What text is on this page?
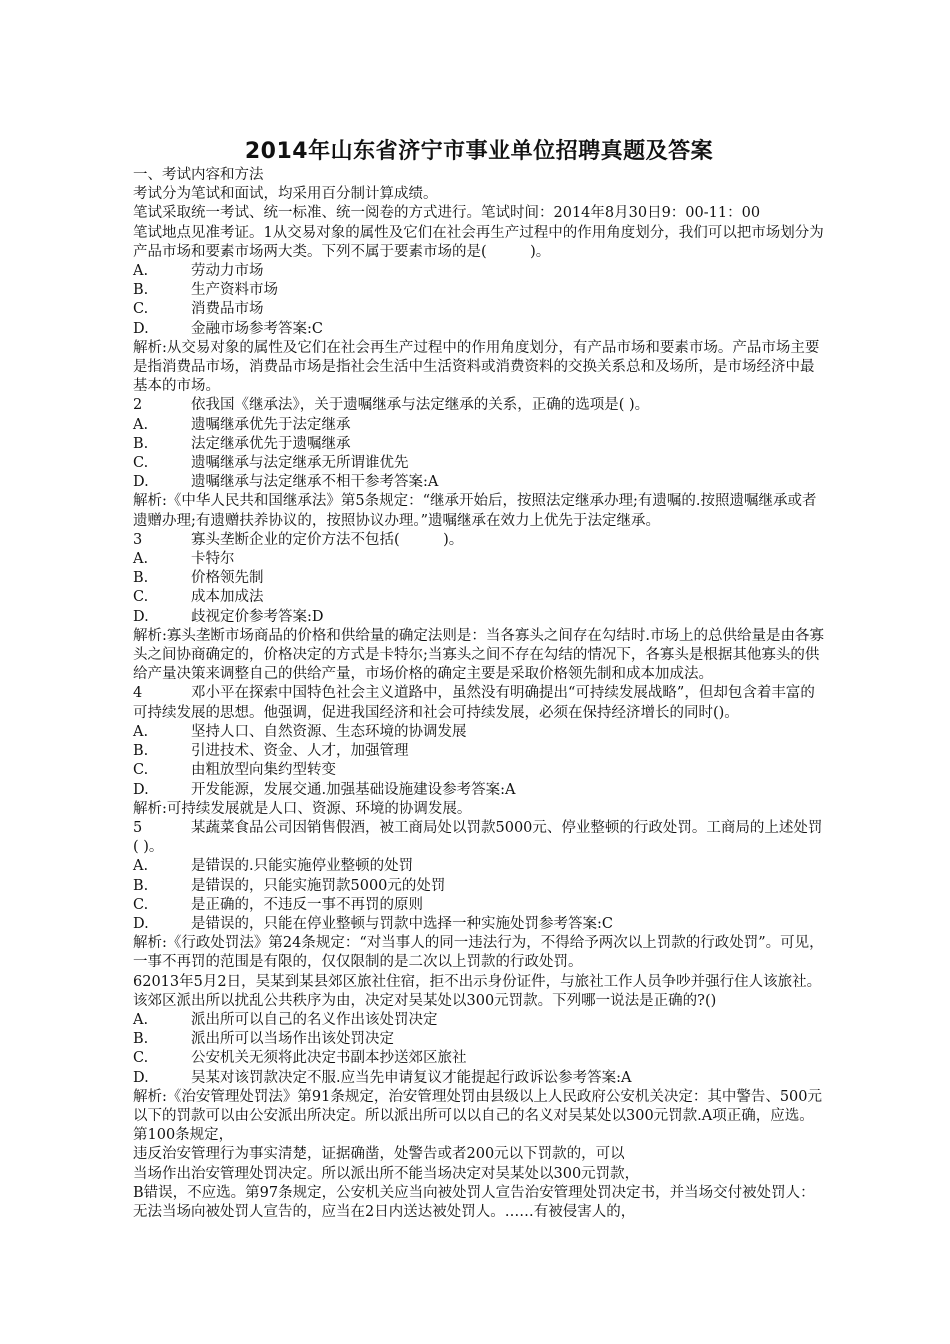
2014年山东省济宁市事业单位招聘真题及答案

一、考试内容和方法

考试分为笔试和面试，均采用百分制计算成绩。

笔试采取统一考试、统一标准、统一阅卷的方式进行。笔试时间：2014年8月30日9：00-11：00

笔试地点见准考证。1从交易对象的属性及它们在社会再生产过程中的作用角度划分，我们可以把市场划分为产品市场和要素市场两大类。下列不属于要素市场的是(　　　)。

A.	劳动力市场
B.	生产资料市场
C.	消费品市场
D.	金融市场参考答案:C

解析:从交易对象的属性及它们在社会再生产过程中的作用角度划分，有产品市场和要素市场。产品市场主要是指消费品市场，消费品市场是指社会生活中生活资料或消费资料的交换关系总和及场所，是市场经济中最基本的市场。

2	依我国《继承法》，关于遗嘱继承与法定继承的关系，正确的选项是( )。
A.	遗嘱继承优先于法定继承
B.	法定继承优先于遗嘱继承
C.	遗嘱继承与法定继承无所谓谁优先
D.	遗嘱继承与法定继承不相干参考答案:A

解析:《中华人民共和国继承法》第5条规定：“继承开始后，按照法定继承办理;有遗嘱的.按照遗嘱继承或者遗赠办理;有遗赠扶养协议的，按照协议办理。”遗嘱继承在效力上优先于法定继承。

3	寡头垄断企业的定价方法不包括(　　　)。
A.	卡特尔
B.	价格领先制
C.	成本加成法
D.	歧视定价参考答案:D

解析:寡头垄断市场商品的价格和供给量的确定法则是：当各寡头之间存在勾结时.市场上的总供给量是由各寡头之间协商确定的，价格决定的方式是卡特尔;当寡头之间不存在勾结的情况下，各寡头是根据其他寡头的供给产量决策来调整自己的供给产量，市场价格的确定主要是采取价格领先制和成本加成法。

4	邓小平在探索中国特色社会主义道路中，虽然没有明确提出“可持续发展战略”，但却包含着丰富的可持续发展的思想。他强调，促进我国经济和社会可持续发展，必须在保持经济增长的同时()。

A.	坚持人口、自然资源、生态环境的协调发展
B.	引进技术、资金、人才，加强管理
C.	由粗放型向集约型转变
D.	开发能源，发展交通.加强基础设施建设参考答案:A

解析:可持续发展就是人口、资源、环境的协调发展。

5	某蔬菜食品公司因销售假酒，被工商局处以罚款5000元、停业整顿的行政处罚。工商局的上述处罚( )。

A.	是错误的.只能实施停业整顿的处罚
B.	是错误的，只能实施罚款5000元的处罚
C.	是正确的，不违反一事不再罚的原则
D.	是错误的，只能在停业整顿与罚款中选择一种实施处罚参考答案:C

解析:《行政处罚法》第24条规定：“对当事人的同一违法行为，不得给予两次以上罚款的行政处罚”。可见，一事不再罚的范围是有限的，仅仅限制的是二次以上罚款的行政处罚。

62013年5月2日，吴某到某县郊区旅社住宿，拒不出示身份证件，与旅社工作人员争吵并强行住人该旅社。该郊区派出所以扰乱公共秩序为由，决定对吴某处以300元罚款。下列哪一说法是正确的?()

A.	派出所可以自己的名义作出该处罚决定
B.	派出所可以当场作出该处罚决定
C.	公安机关无须将此决定书副本抄送郊区旅社
D.	吴某对该罚款决定不服.应当先申请复议才能提起行政诉讼参考答案:A

解析:《治安管理处罚法》第91条规定，治安管理处罚由县级以上人民政府公安机关决定：其中警告、500元以下的罚款可以由公安派出所决定。所以派出所可以以自己的名义对吴某处以300元罚款.A项正确，应选。第100条规定，

违反治安管理行为事实清楚，证据确凿，处警告或者200元以下罚款的，可以

当场作出治安管理处罚决定。所以派出所不能当场决定对吴某处以300元罚款，

B错误，不应选。第97条规定，公安机关应当向被处罚人宣告治安管理处罚决定书，并当场交付被处罚人：无法当场向被处罚人宣告的，应当在2日内送达被处罚人。……有被侵害人的，
